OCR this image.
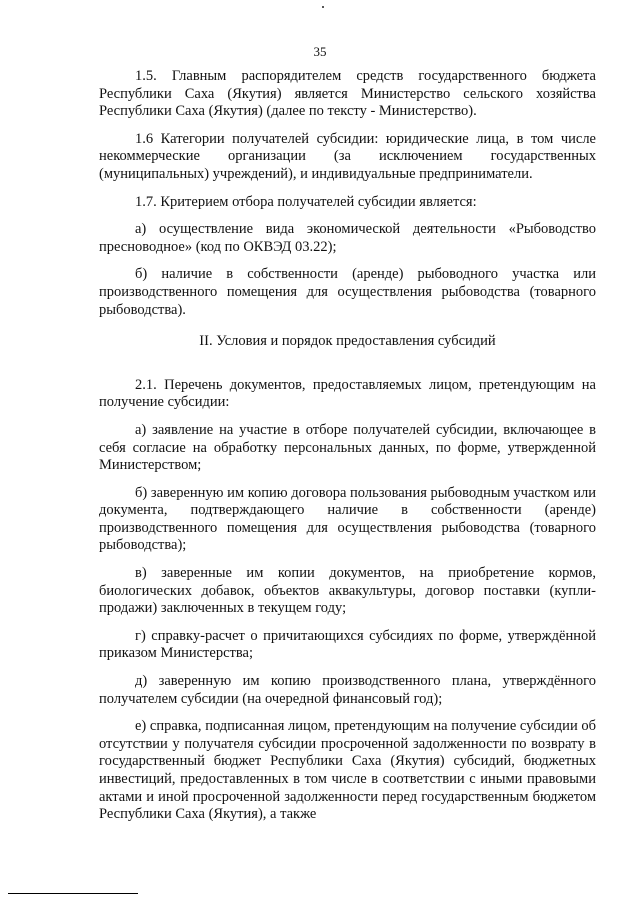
35

1.5. Главным распорядителем средств государственного бюджета Республики Саха (Якутия) является Министерство сельского хозяйства Республики Саха (Якутия) (далее по тексту - Министерство).

1.6 Категории получателей субсидии: юридические лица, в том числе некоммерческие организации (за исключением государственных (муниципальных) учреждений), и индивидуальные предприниматели.

1.7. Критерием отбора получателей субсидии является:

а) осуществление вида экономической деятельности «Рыбоводство пресноводное» (код по ОКВЭД 03.22);

б) наличие в собственности (аренде) рыбоводного участка или производственного помещения для осуществления рыбоводства (товарного рыбоводства).

II. Условия и порядок предоставления субсидий

2.1. Перечень документов, предоставляемых лицом, претендующим на получение субсидии:

а) заявление на участие в отборе получателей субсидии, включающее в себя согласие на обработку персональных данных, по форме, утвержденной Министерством;

б) заверенную им копию договора пользования рыбоводным участком или документа, подтверждающего наличие в собственности (аренде) производственного помещения для осуществления рыбоводства (товарного рыбоводства);

в) заверенные им копии документов, на приобретение кормов, биологических добавок, объектов аквакультуры, договор поставки (купли-продажи) заключенных в текущем году;

г) справку-расчет о причитающихся субсидиях по форме, утверждённой приказом Министерства;

д) заверенную им копию производственного плана, утверждённого получателем субсидии (на очередной финансовый год);

е) справка, подписанная лицом, претендующим на получение субсидии об отсутствии у получателя субсидии просроченной задолженности по возврату в государственный бюджет Республики Саха (Якутия) субсидий, бюджетных инвестиций, предоставленных в том числе в соответствии с иными правовыми актами и иной просроченной задолженности перед государственным бюджетом Республики Саха (Якутия), а также
